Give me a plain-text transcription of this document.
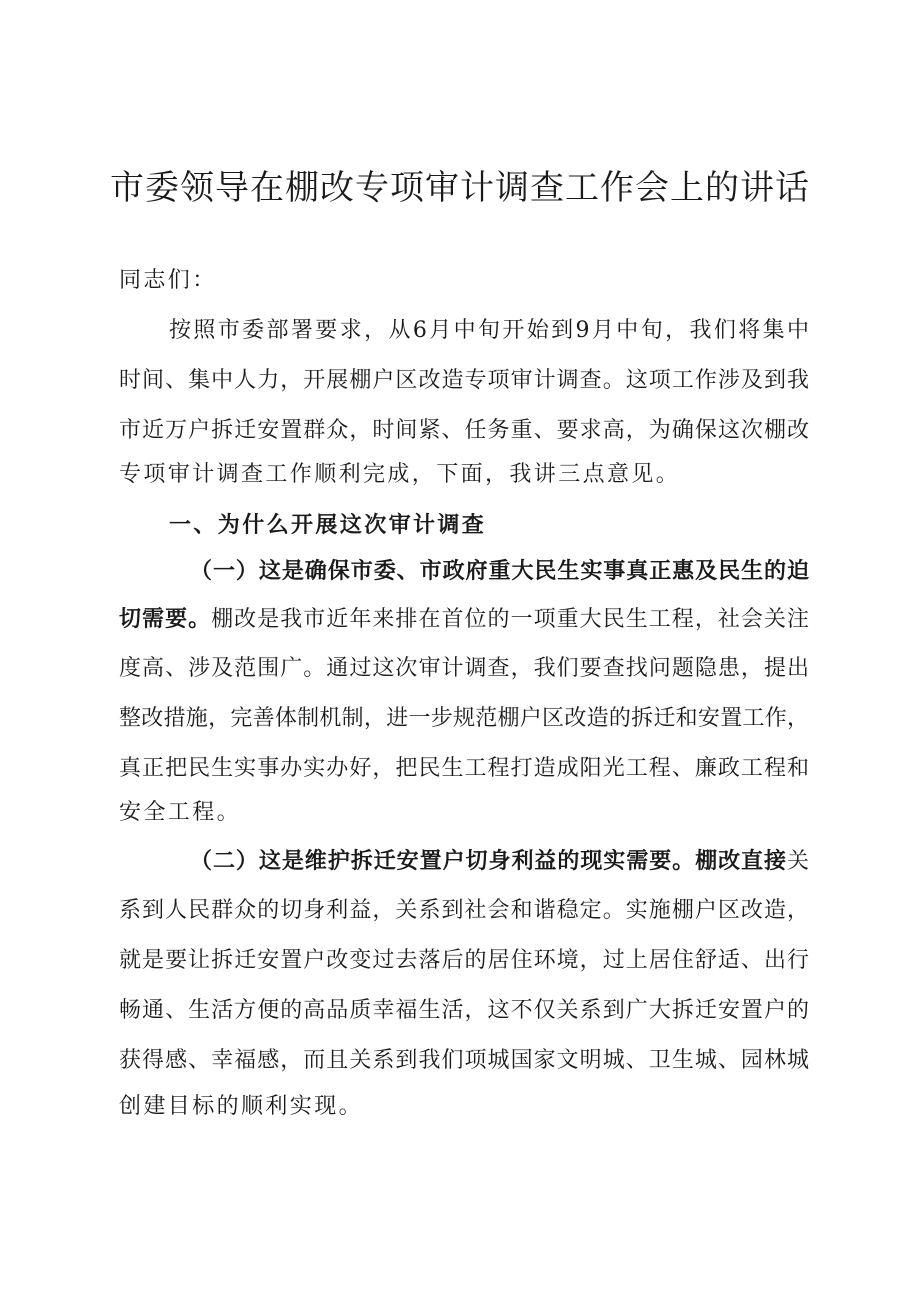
市委领导在棚改专项审计调查工作会上的讲话
同志们：
按照市委部署要求，从6月中旬开始到9月中旬，我们将集中
时间、集中人力，开展棚户区改造专项审计调查。这项工作涉及到我
市近万户拆迁安置群众，时间紧、任务重、要求高，为确保这次棚改
专项审计调查工作顺利完成，下面，我讲三点意见。
一、为什么开展这次审计调查
（一）这是确保市委、市政府重大民生实事真正惠及民生的迫
切需要。棚改是我市近年来排在首位的一项重大民生工程，社会关注
度高、涉及范围广。通过这次审计调查，我们要查找问题隐患，提出
整改措施，完善体制机制，进一步规范棚户区改造的拆迁和安置工作，
真正把民生实事办实办好，把民生工程打造成阳光工程、廉政工程和
安全工程。
（二）这是维护拆迁安置户切身利益的现实需要。棚改直接关
系到人民群众的切身利益，关系到社会和谐稳定。实施棚户区改造，
就是要让拆迁安置户改变过去落后的居住环境，过上居住舒适、出行
畅通、生活方便的高品质幸福生活，这不仅关系到广大拆迁安置户的
获得感、幸福感，而且关系到我们项城国家文明城、卫生城、园林城
创建目标的顺利实现。
